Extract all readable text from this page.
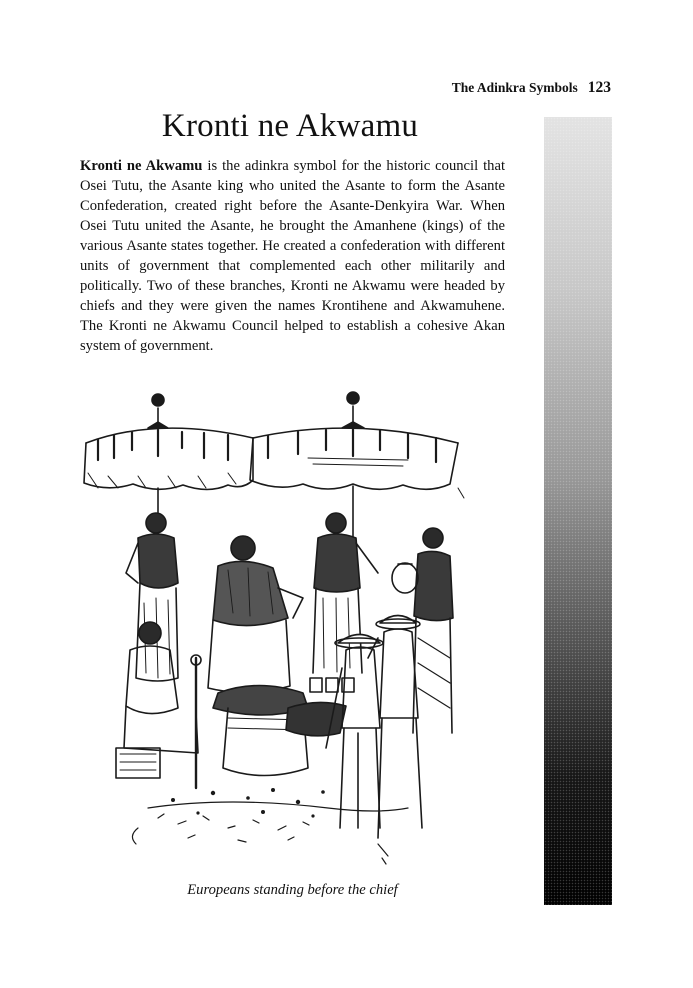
The Adinkra Symbols 123
Kronti ne Akwamu

Kronti ne Akwamu is the adinkra symbol for the historic council that Osei Tutu, the Asante king who united the Asante to form the Asante Confederation, created right before the Asante-Denkyira War. When Osei Tutu united the Asante, he brought the Amanhene (kings) of the various Asante states together. He created a confederation with different units of government that complemented each other militarily and politically. Two of these branches, Kronti ne Akwamu were headed by chiefs and they were given the names Krontihene and Akwamuhene. The Kronti ne Akwamu Council helped to establish a cohesive Akan system of government.

Europeans standing before the chief
